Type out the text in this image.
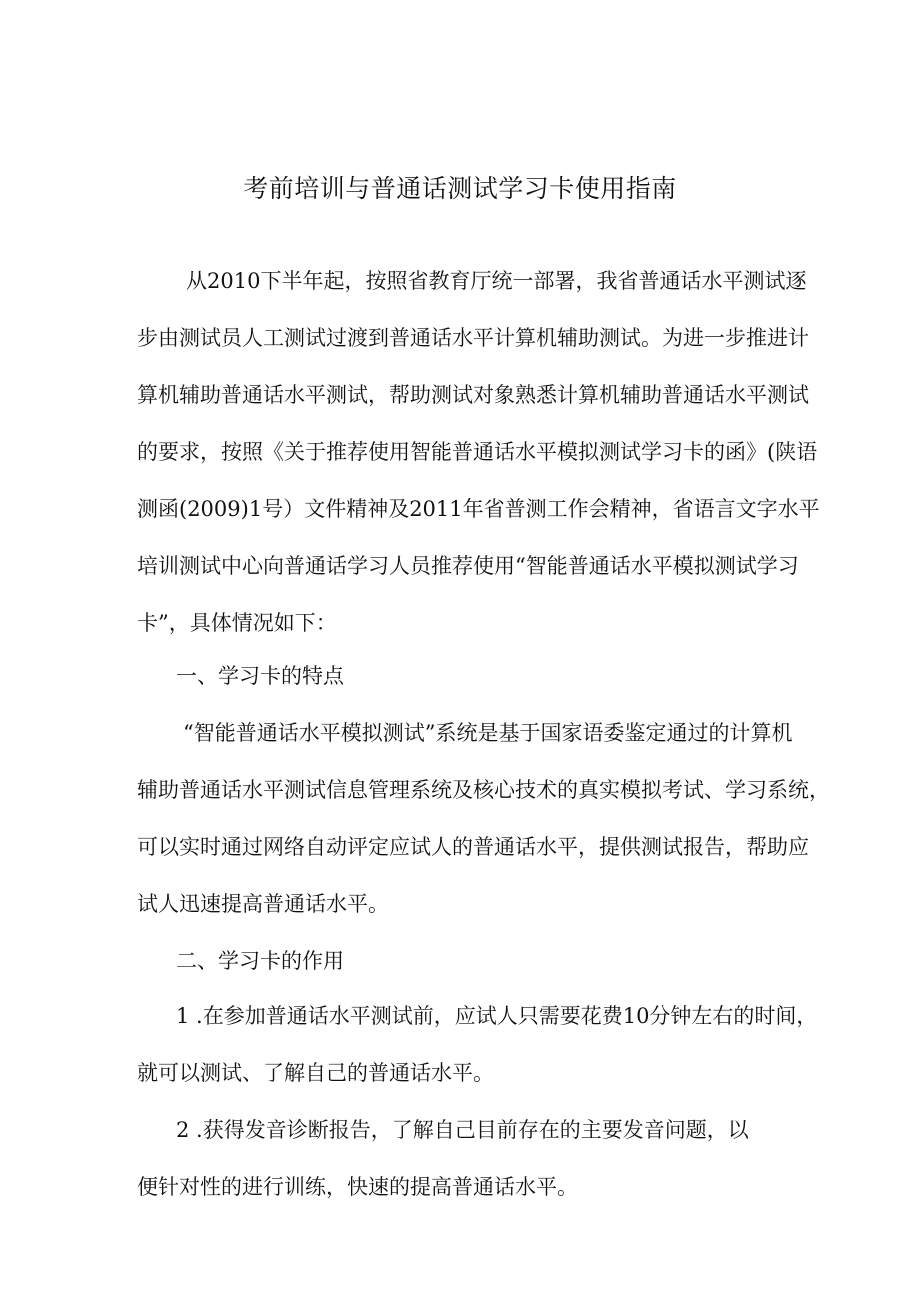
考前培训与普通话测试学习卡使用指南
从2010下半年起，按照省教育厅统一部署，我省普通话水平测试逐
步由测试员人工测试过渡到普通话水平计算机辅助测试。为进一步推进计
算机辅助普通话水平测试，帮助测试对象熟悉计算机辅助普通话水平测试
的要求，按照《关于推荐使用智能普通话水平模拟测试学习卡的函》(陕语
测函(2009)1号）文件精神及2011年省普测工作会精神，省语言文字水平
培训测试中心向普通话学习人员推荐使用“智能普通话水平模拟测试学习
卡”，具体情况如下：
一、学习卡的特点
“智能普通话水平模拟测试”系统是基于国家语委鉴定通过的计算机
辅助普通话水平测试信息管理系统及核心技术的真实模拟考试、学习系统，
可以实时通过网络自动评定应试人的普通话水平，提供测试报告，帮助应
试人迅速提高普通话水平。
二、学习卡的作用
1 .在参加普通话水平测试前，应试人只需要花费10分钟左右的时间，
就可以测试、了解自己的普通话水平。
2 .获得发音诊断报告，了解自己目前存在的主要发音问题，以
便针对性的进行训练，快速的提高普通话水平。
